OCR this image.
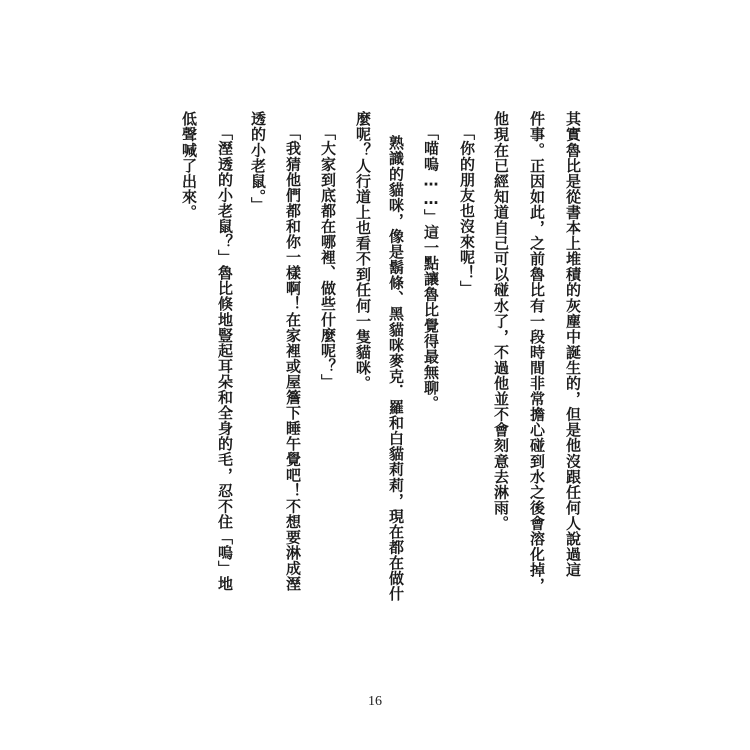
其實魯比是從書本上堆積的灰塵中誕生的，但是他沒跟任何人說過這

件事。正因如此，之前魯比有一段時間非常擔心碰到水之後會溶化掉，

他現在已經知道自己可以碰水了，不過他並不會刻意去淋雨。

「你的朋友也沒來呢！」

「喵嗚……」這一點讓魯比覺得最無聊。

熟識的貓咪，像是鬍條、黑貓咪麥克．羅和白貓莉莉，現在都在做什

麼呢？人行道上也看不到任何一隻貓咪。

「大家到底都在哪裡、做些什麼呢？」

「我猜他們都和你一樣啊！在家裡或屋簷下睡午覺吧！不想要淋成溼

透的小老鼠。」

「溼透的小老鼠？」魯比倏地豎起耳朵和全身的毛，忍不住「嗚」地

低聲喊了出來。

16
